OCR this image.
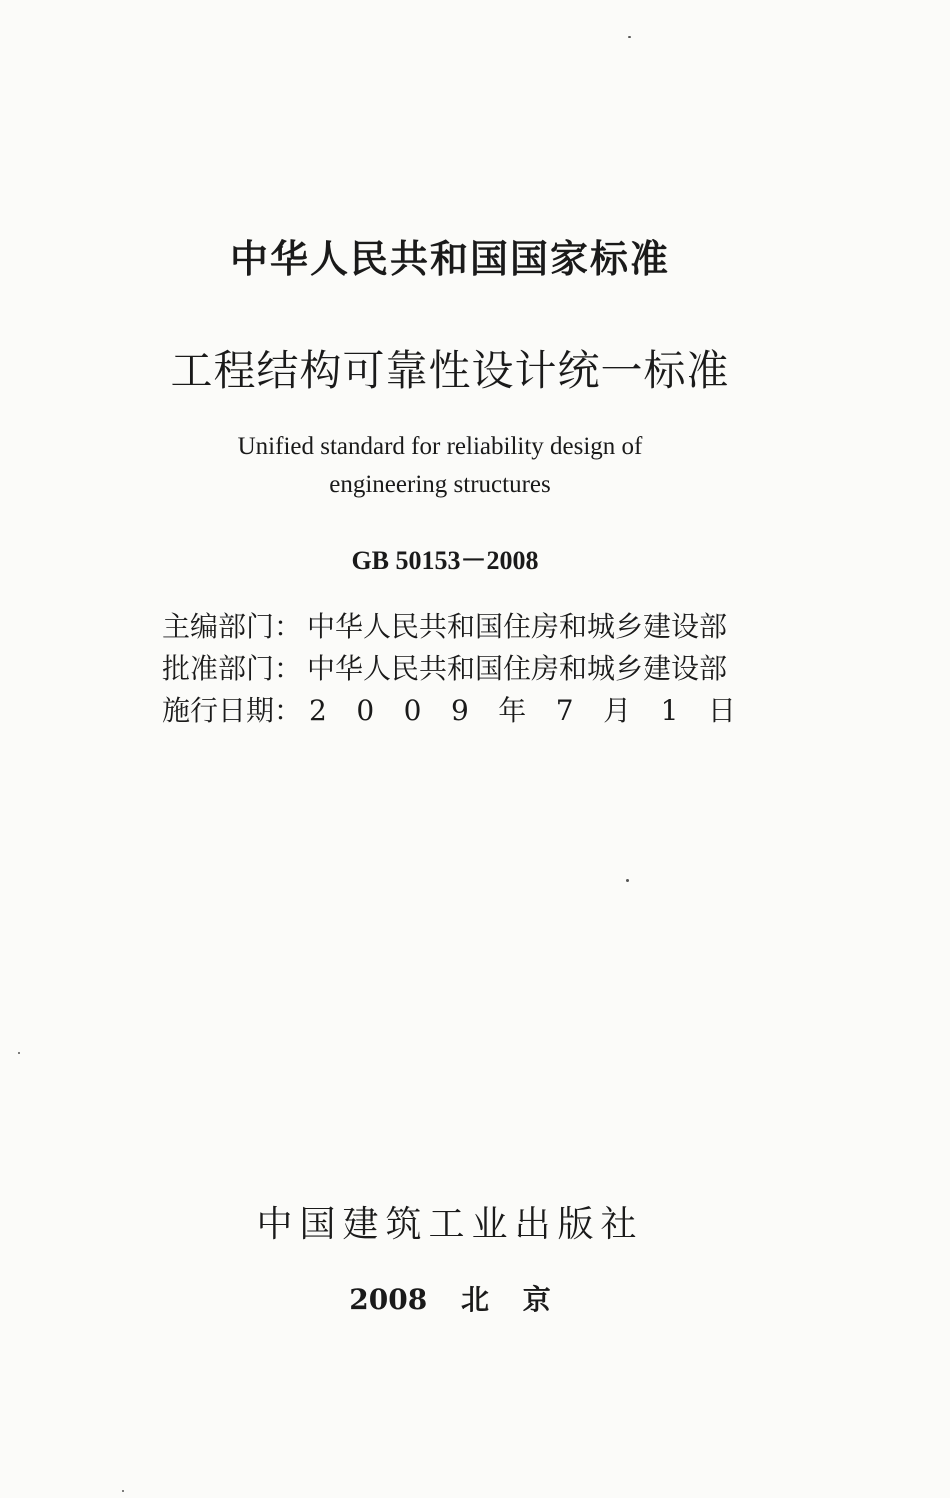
中华人民共和国国家标准
工程结构可靠性设计统一标准
Unified standard for reliability design of
engineering structures
GB 50153－2008
主编部门： 中华人民共和国住房和城乡建设部
批准部门： 中华人民共和国住房和城乡建设部
施行日期： 2 0 0 9 年 7 月 1 日
中国建筑工业出版社
2008 北 京
